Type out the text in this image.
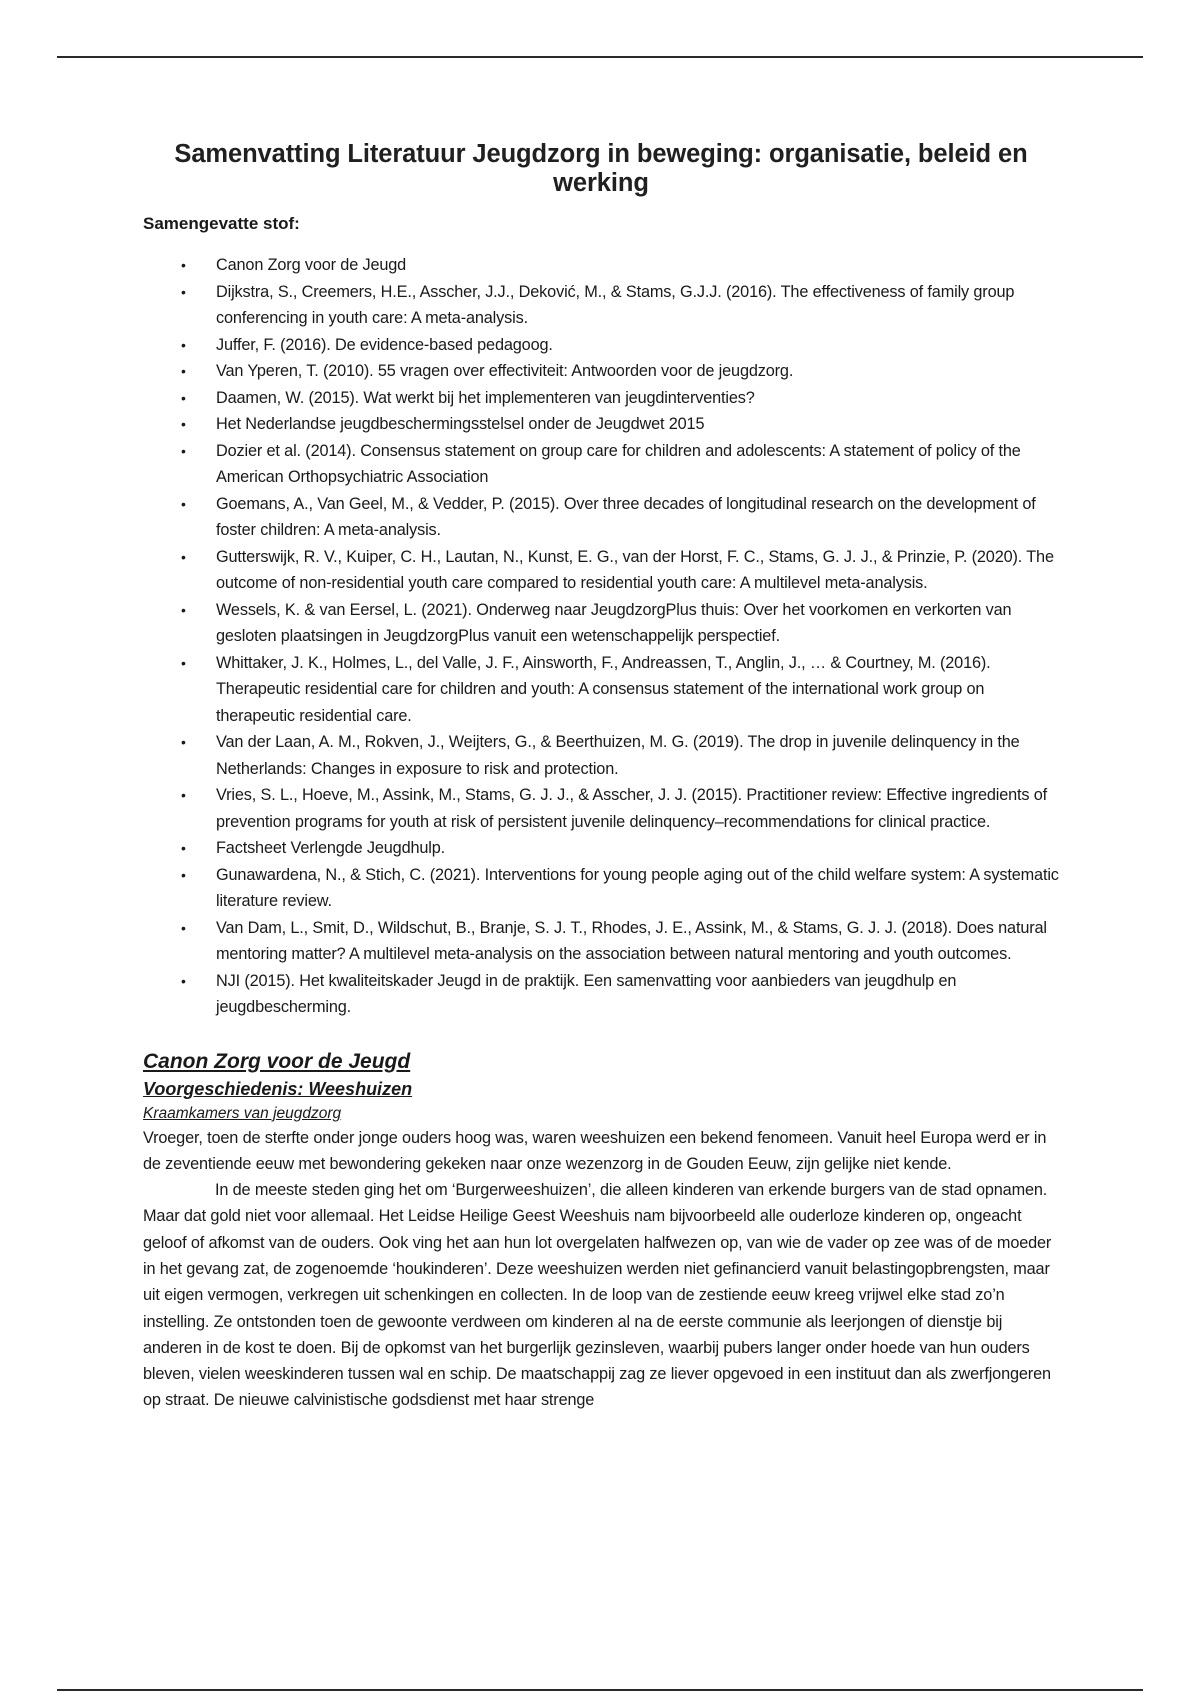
Samenvatting Literatuur Jeugdzorg in beweging: organisatie, beleid en werking
Samengevatte stof:
• Canon Zorg voor de Jeugd
• Dijkstra, S., Creemers, H.E., Asscher, J.J., Deković, M., & Stams, G.J.J. (2016). The effectiveness of family group conferencing in youth care: A meta-analysis.
• Juffer, F. (2016). De evidence-based pedagoog.
• Van Yperen, T. (2010). 55 vragen over effectiviteit: Antwoorden voor de jeugdzorg.
• Daamen, W. (2015). Wat werkt bij het implementeren van jeugdinterventies?
• Het Nederlandse jeugdbeschermingsstelsel onder de Jeugdwet 2015
• Dozier et al. (2014). Consensus statement on group care for children and adolescents: A statement of policy of the American Orthopsychiatric Association
• Goemans, A., Van Geel, M., & Vedder, P. (2015). Over three decades of longitudinal research on the development of foster children: A meta-analysis.
• Gutterswijk, R. V., Kuiper, C. H., Lautan, N., Kunst, E. G., van der Horst, F. C., Stams, G. J. J., & Prinzie, P. (2020). The outcome of non-residential youth care compared to residential youth care: A multilevel meta-analysis.
• Wessels, K. & van Eersel, L. (2021). Onderweg naar JeugdzorgPlus thuis: Over het voorkomen en verkorten van gesloten plaatsingen in JeugdzorgPlus vanuit een wetenschappelijk perspectief.
• Whittaker, J. K., Holmes, L., del Valle, J. F., Ainsworth, F., Andreassen, T., Anglin, J., … & Courtney, M. (2016). Therapeutic residential care for children and youth: A consensus statement of the international work group on therapeutic residential care.
• Van der Laan, A. M., Rokven, J., Weijters, G., & Beerthuizen, M. G. (2019). The drop in juvenile delinquency in the Netherlands: Changes in exposure to risk and protection.
• Vries, S. L., Hoeve, M., Assink, M., Stams, G. J. J., & Asscher, J. J. (2015). Practitioner review: Effective ingredients of prevention programs for youth at risk of persistent juvenile delinquency–recommendations for clinical practice.
• Factsheet Verlengde Jeugdhulp.
• Gunawardena, N., & Stich, C. (2021). Interventions for young people aging out of the child welfare system: A systematic literature review.
• Van Dam, L., Smit, D., Wildschut, B., Branje, S. J. T., Rhodes, J. E., Assink, M., & Stams, G. J. J. (2018). Does natural mentoring matter? A multilevel meta-analysis on the association between natural mentoring and youth outcomes.
• NJI (2015). Het kwaliteitskader Jeugd in de praktijk. Een samenvatting voor aanbieders van jeugdhulp en jeugdbescherming.
Canon Zorg voor de Jeugd
Voorgeschiedenis: Weeshuizen
Kraamkamers van jeugdzorg

Vroeger, toen de sterfte onder jonge ouders hoog was, waren weeshuizen een bekend fenomeen. Vanuit heel Europa werd er in de zeventiende eeuw met bewondering gekeken naar onze wezenzorg in de Gouden Eeuw, zijn gelijke niet kende.

In de meeste steden ging het om ‘Burgerweeshuizen’, die alleen kinderen van erkende burgers van de stad opnamen. Maar dat gold niet voor allemaal. Het Leidse Heilige Geest Weeshuis nam bijvoorbeeld alle ouderloze kinderen op, ongeacht geloof of afkomst van de ouders. Ook ving het aan hun lot overgelaten halfwezen op, van wie de vader op zee was of de moeder in het gevang zat, de zogenoemde ‘houkinderen’. Deze weeshuizen werden niet gefinancierd vanuit belastingopbrengsten, maar uit eigen vermogen, verkregen uit schenkingen en collecten. In de loop van de zestiende eeuw kreeg vrijwel elke stad zo’n instelling. Ze ontstonden toen de gewoonte verdween om kinderen al na de eerste communie als leerjongen of dienstje bij anderen in de kost te doen. Bij de opkomst van het burgerlijk gezinsleven, waarbij pubers langer onder hoede van hun ouders bleven, vielen weeskinderen tussen wal en schip. De maatschappij zag ze liever opgevoed in een instituut dan als zwerfjongeren op straat. De nieuwe calvinistische godsdienst met haar strenge
